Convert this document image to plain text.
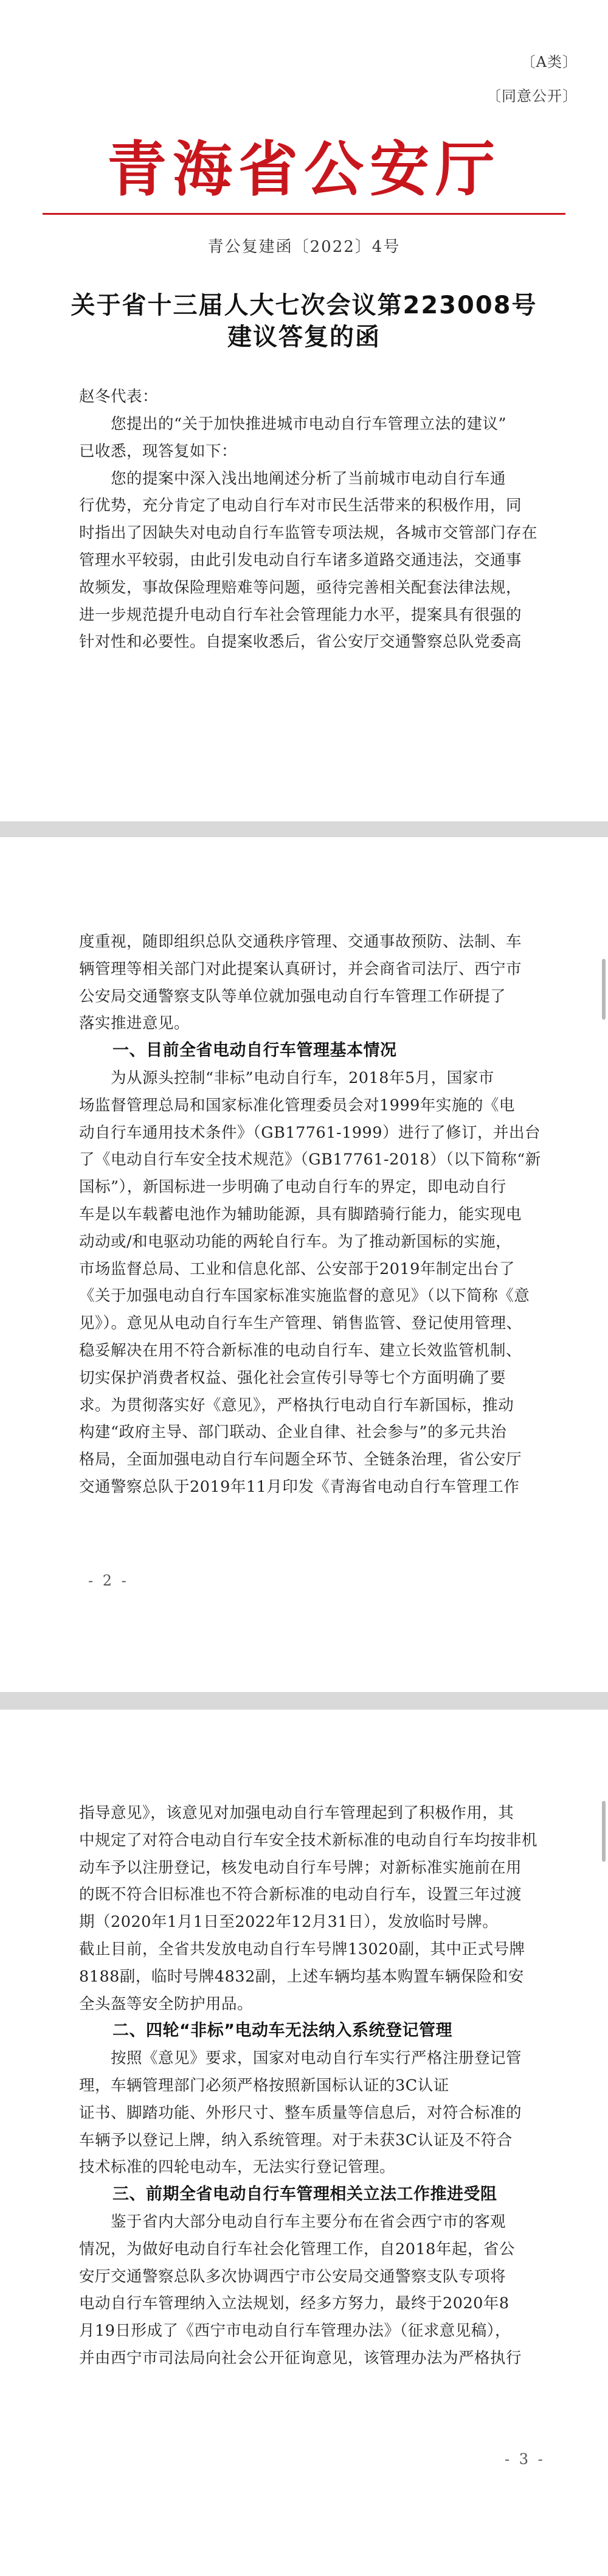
〔A类〕
〔同意公开〕
青海省公安厅
青公复建函〔2022〕4号
关于省十三届人大七次会议第223008号
建议答复的函
赵冬代表：
　　您提出的“关于加快推进城市电动自行车管理立法的建议”
已收悉，现答复如下：
　　您的提案中深入浅出地阐述分析了当前城市电动自行车通
行优势，充分肯定了电动自行车对市民生活带来的积极作用，同
时指出了因缺失对电动自行车监管专项法规，各城市交管部门存在
管理水平较弱，由此引发电动自行车诸多道路交通违法，交通事
故频发，事故保险理赔难等问题，亟待完善相关配套法律法规，
进一步规范提升电动自行车社会管理能力水平，提案具有很强的
针对性和必要性。自提案收悉后，省公安厅交通警察总队党委高
度重视，随即组织总队交通秩序管理、交通事故预防、法制、车
辆管理等相关部门对此提案认真研讨，并会商省司法厅、西宁市
公安局交通警察支队等单位就加强电动自行车管理工作研提了
落实推进意见。
　　一、目前全省电动自行车管理基本情况
　　为从源头控制“非标”电动自行车，2018年5月，国家市
场监督管理总局和国家标准化管理委员会对1999年实施的《电
动自行车通用技术条件》（GB17761-1999）进行了修订，并出台
了《电动自行车安全技术规范》（GB17761-2018）（以下简称“新
国标”），新国标进一步明确了电动自行车的界定，即电动自行
车是以车载蓄电池作为辅助能源，具有脚踏骑行能力，能实现电
动动或/和电驱动功能的两轮自行车。为了推动新国标的实施，
市场监督总局、工业和信息化部、公安部于2019年制定出台了
《关于加强电动自行车国家标准实施监督的意见》（以下简称《意
见》）。意见从电动自行车生产管理、销售监管、登记使用管理、
稳妥解决在用不符合新标准的电动自行车、建立长效监管机制、
切实保护消费者权益、强化社会宣传引导等七个方面明确了要
求。为贯彻落实好《意见》，严格执行电动自行车新国标，推动
构建“政府主导、部门联动、企业自律、社会参与”的多元共治
格局，全面加强电动自行车问题全环节、全链条治理，省公安厅
交通警察总队于2019年11月印发《青海省电动自行车管理工作
- 2 -
指导意见》，该意见对加强电动自行车管理起到了积极作用，其
中规定了对符合电动自行车安全技术新标准的电动自行车均按非机
动车予以注册登记，核发电动自行车号牌；对新标准实施前在用
的既不符合旧标准也不符合新标准的电动自行车，设置三年过渡
期（2020年1月1日至2022年12月31日），发放临时号牌。
截止目前，全省共发放电动自行车号牌13020副，其中正式号牌
8188副，临时号牌4832副，上述车辆均基本购置车辆保险和安
全头盔等安全防护用品。
　　二、四轮“非标”电动车无法纳入系统登记管理
　　按照《意见》要求，国家对电动自行车实行严格注册登记管
理，车辆管理部门必须严格按照新国标认证的3C认证
证书、脚踏功能、外形尺寸、整车质量等信息后，对符合标准的
车辆予以登记上牌，纳入系统管理。对于未获3C认证及不符合
技术标准的四轮电动车，无法实行登记管理。
　　三、前期全省电动自行车管理相关立法工作推进受阻
　　鉴于省内大部分电动自行车主要分布在省会西宁市的客观
情况，为做好电动自行车社会化管理工作，自2018年起，省公
安厅交通警察总队多次协调西宁市公安局交通警察支队专项将
电动自行车管理纳入立法规划，经多方努力，最终于2020年8
月19日形成了《西宁市电动自行车管理办法》（征求意见稿），
并由西宁市司法局向社会公开征询意见，该管理办法为严格执行
- 3 -
